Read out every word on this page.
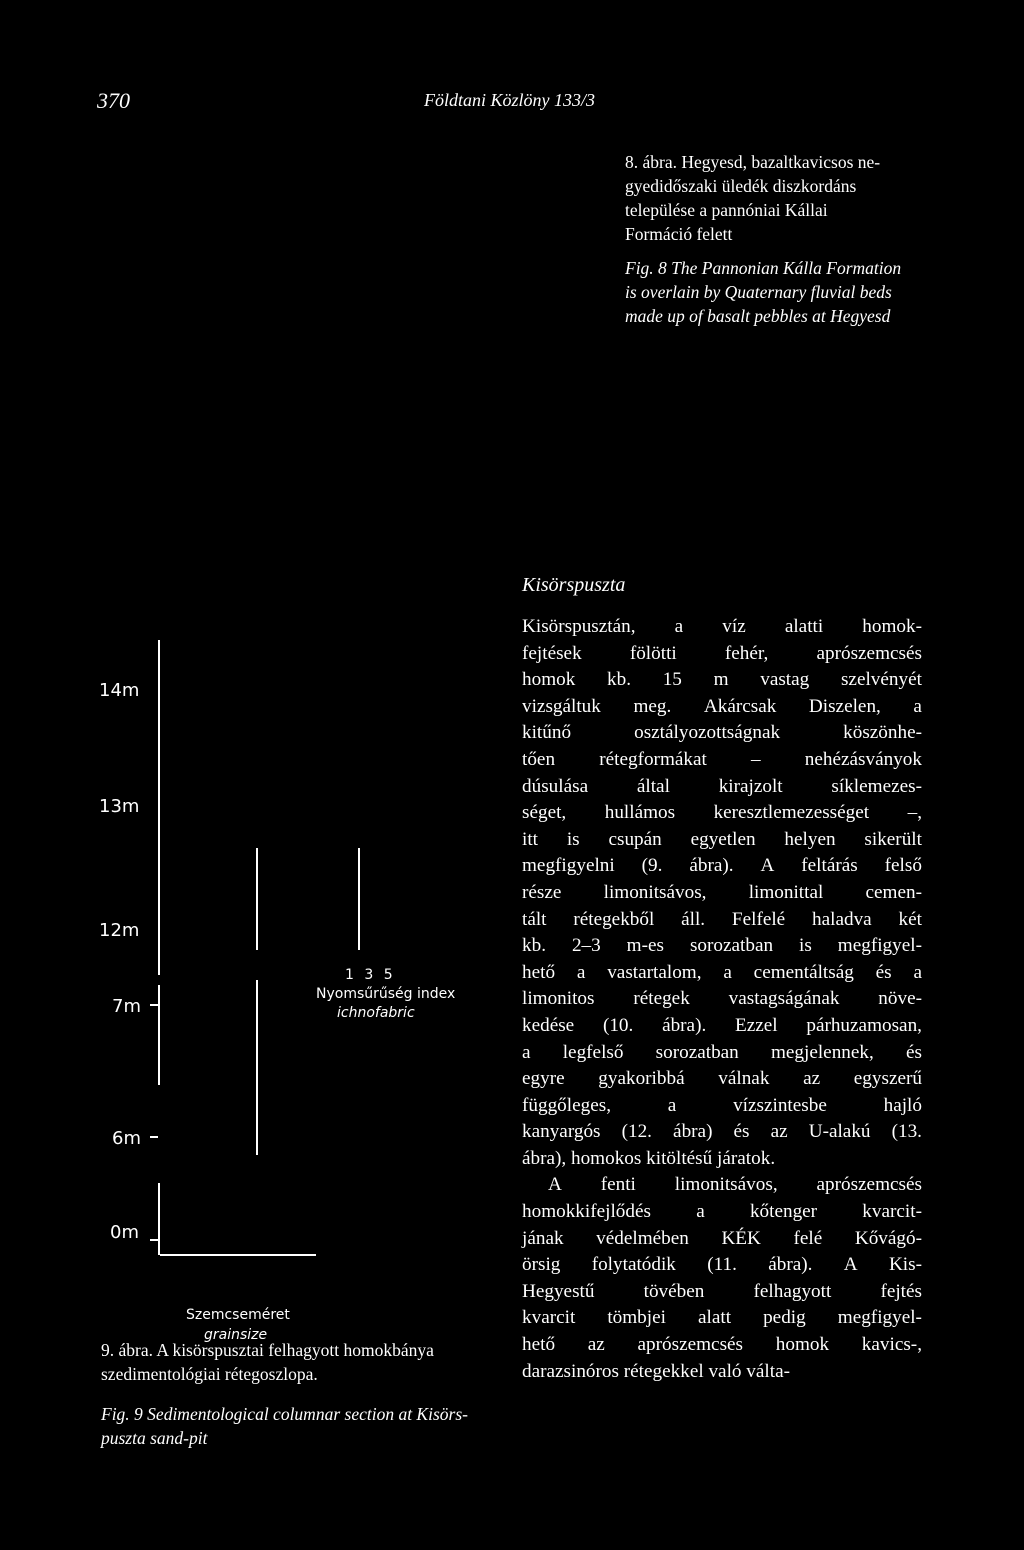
370	Földtani Közlöny 133/3

8. ábra. Hegyesd, bazaltkavicsos ne-

gyedidőszaki üledék diszkordáns

települése a pannóniai Kállai

Formáció felett

Fig. 8 The Pannonian Kálla Formation

is overlain by Quaternary fluvial beds

made up of basalt pebbles at Hegyesd

Kisörspuszta
Kisörspusztán, a víz alatti homok-
fejtések	fölötti	fehér,	aprószemcsés
homok kb. 15 m vastag szelvényét
vizsgáltuk meg. Akárcsak Diszelen, a
kitűnő	osztályozottságnak	köszönhe-
tően rétegformákat – nehézásványok
dúsulása	által	kirajzolt	síklemezes-
séget, hullámos keresztlemezességet –,
itt is csupán egyetlen helyen sikerült
megfigyelni (9. ábra). A feltárás felső
része limonitsávos, limonittal cemen-
tált rétegekből áll. Felfelé haladva két
kb. 2–3 m-es sorozatban is megfigyel-
hető a vastartalom, a cementáltság és a
limonitos rétegek vastagságának növe-
kedése (10. ábra). Ezzel párhuzamosan,
a legfelső sorozatban megjelennek, és
egyre gyakoribbá válnak az egyszerű
függőleges,	a	vízszintesbe	hajló
kanyargós (12. ábra) és az U-alakú (13.
ábra), homokos kitöltésű járatok.
A fenti limonitsávos, aprószemcsés
homokkifejlődés a kőtenger kvarcit-
jának védelmében KÉK felé Kővágó-
örsig folytatódik (11. ábra). A Kis-
Hegyestű	tövében	felhagyott	fejtés
kvarcit tömbjei alatt pedig megfigyel-
hető az aprószemcsés homok kavics-,
darazsinóros rétegekkel való válta-
14m
13m
12m
7m
6m
0m
1 3 5
Nyomsűrűség index
ichnofabric
Szemcseméret
grainsize

9. ábra. A kisörspusztai felhagyott homokbánya

szedimentológiai rétegoszlopa.

Fig. 9 Sedimentological columnar section at Kisörs-

puszta sand-pit
